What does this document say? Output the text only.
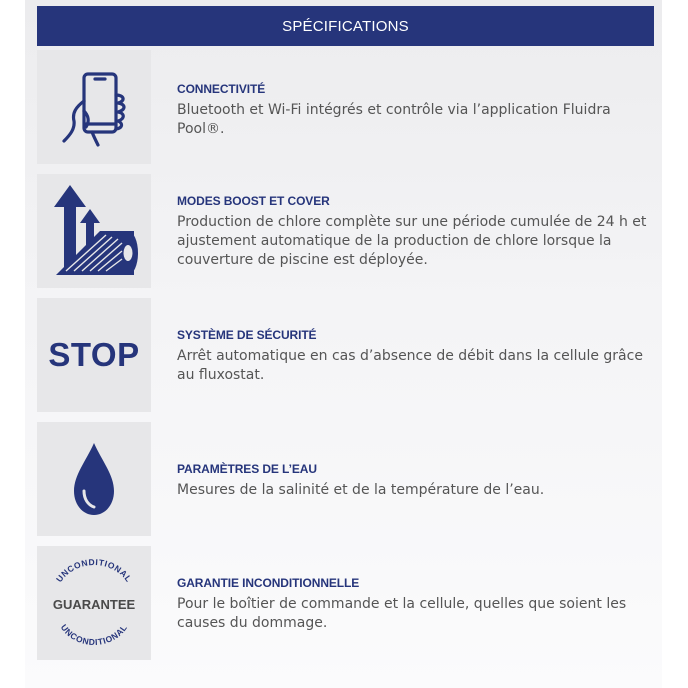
SPÉCIFICATIONS

CONNECTIVITÉ

Bluetooth et Wi-Fi intégrés et contrôle via l’application Fluidra Pool®.

MODES BOOST ET COVER

Production de chlore complète sur une période cumulée de 24 h et ajustement automatique de la production de chlore lorsque la couverture de piscine est déployée.

STOP

SYSTÈME DE SÉCURITÉ

Arrêt automatique en cas d’absence de débit dans la cellule grâce au fluxostat.

PARAMÈTRES DE L’EAU

Mesures de la salinité et de la température de l’eau.

UNCONDITIONAL
GUARANTEE
UNCONDITIONAL

GARANTIE INCONDITIONNELLE

Pour le boîtier de commande et la cellule, quelles que soient les causes du dommage.
